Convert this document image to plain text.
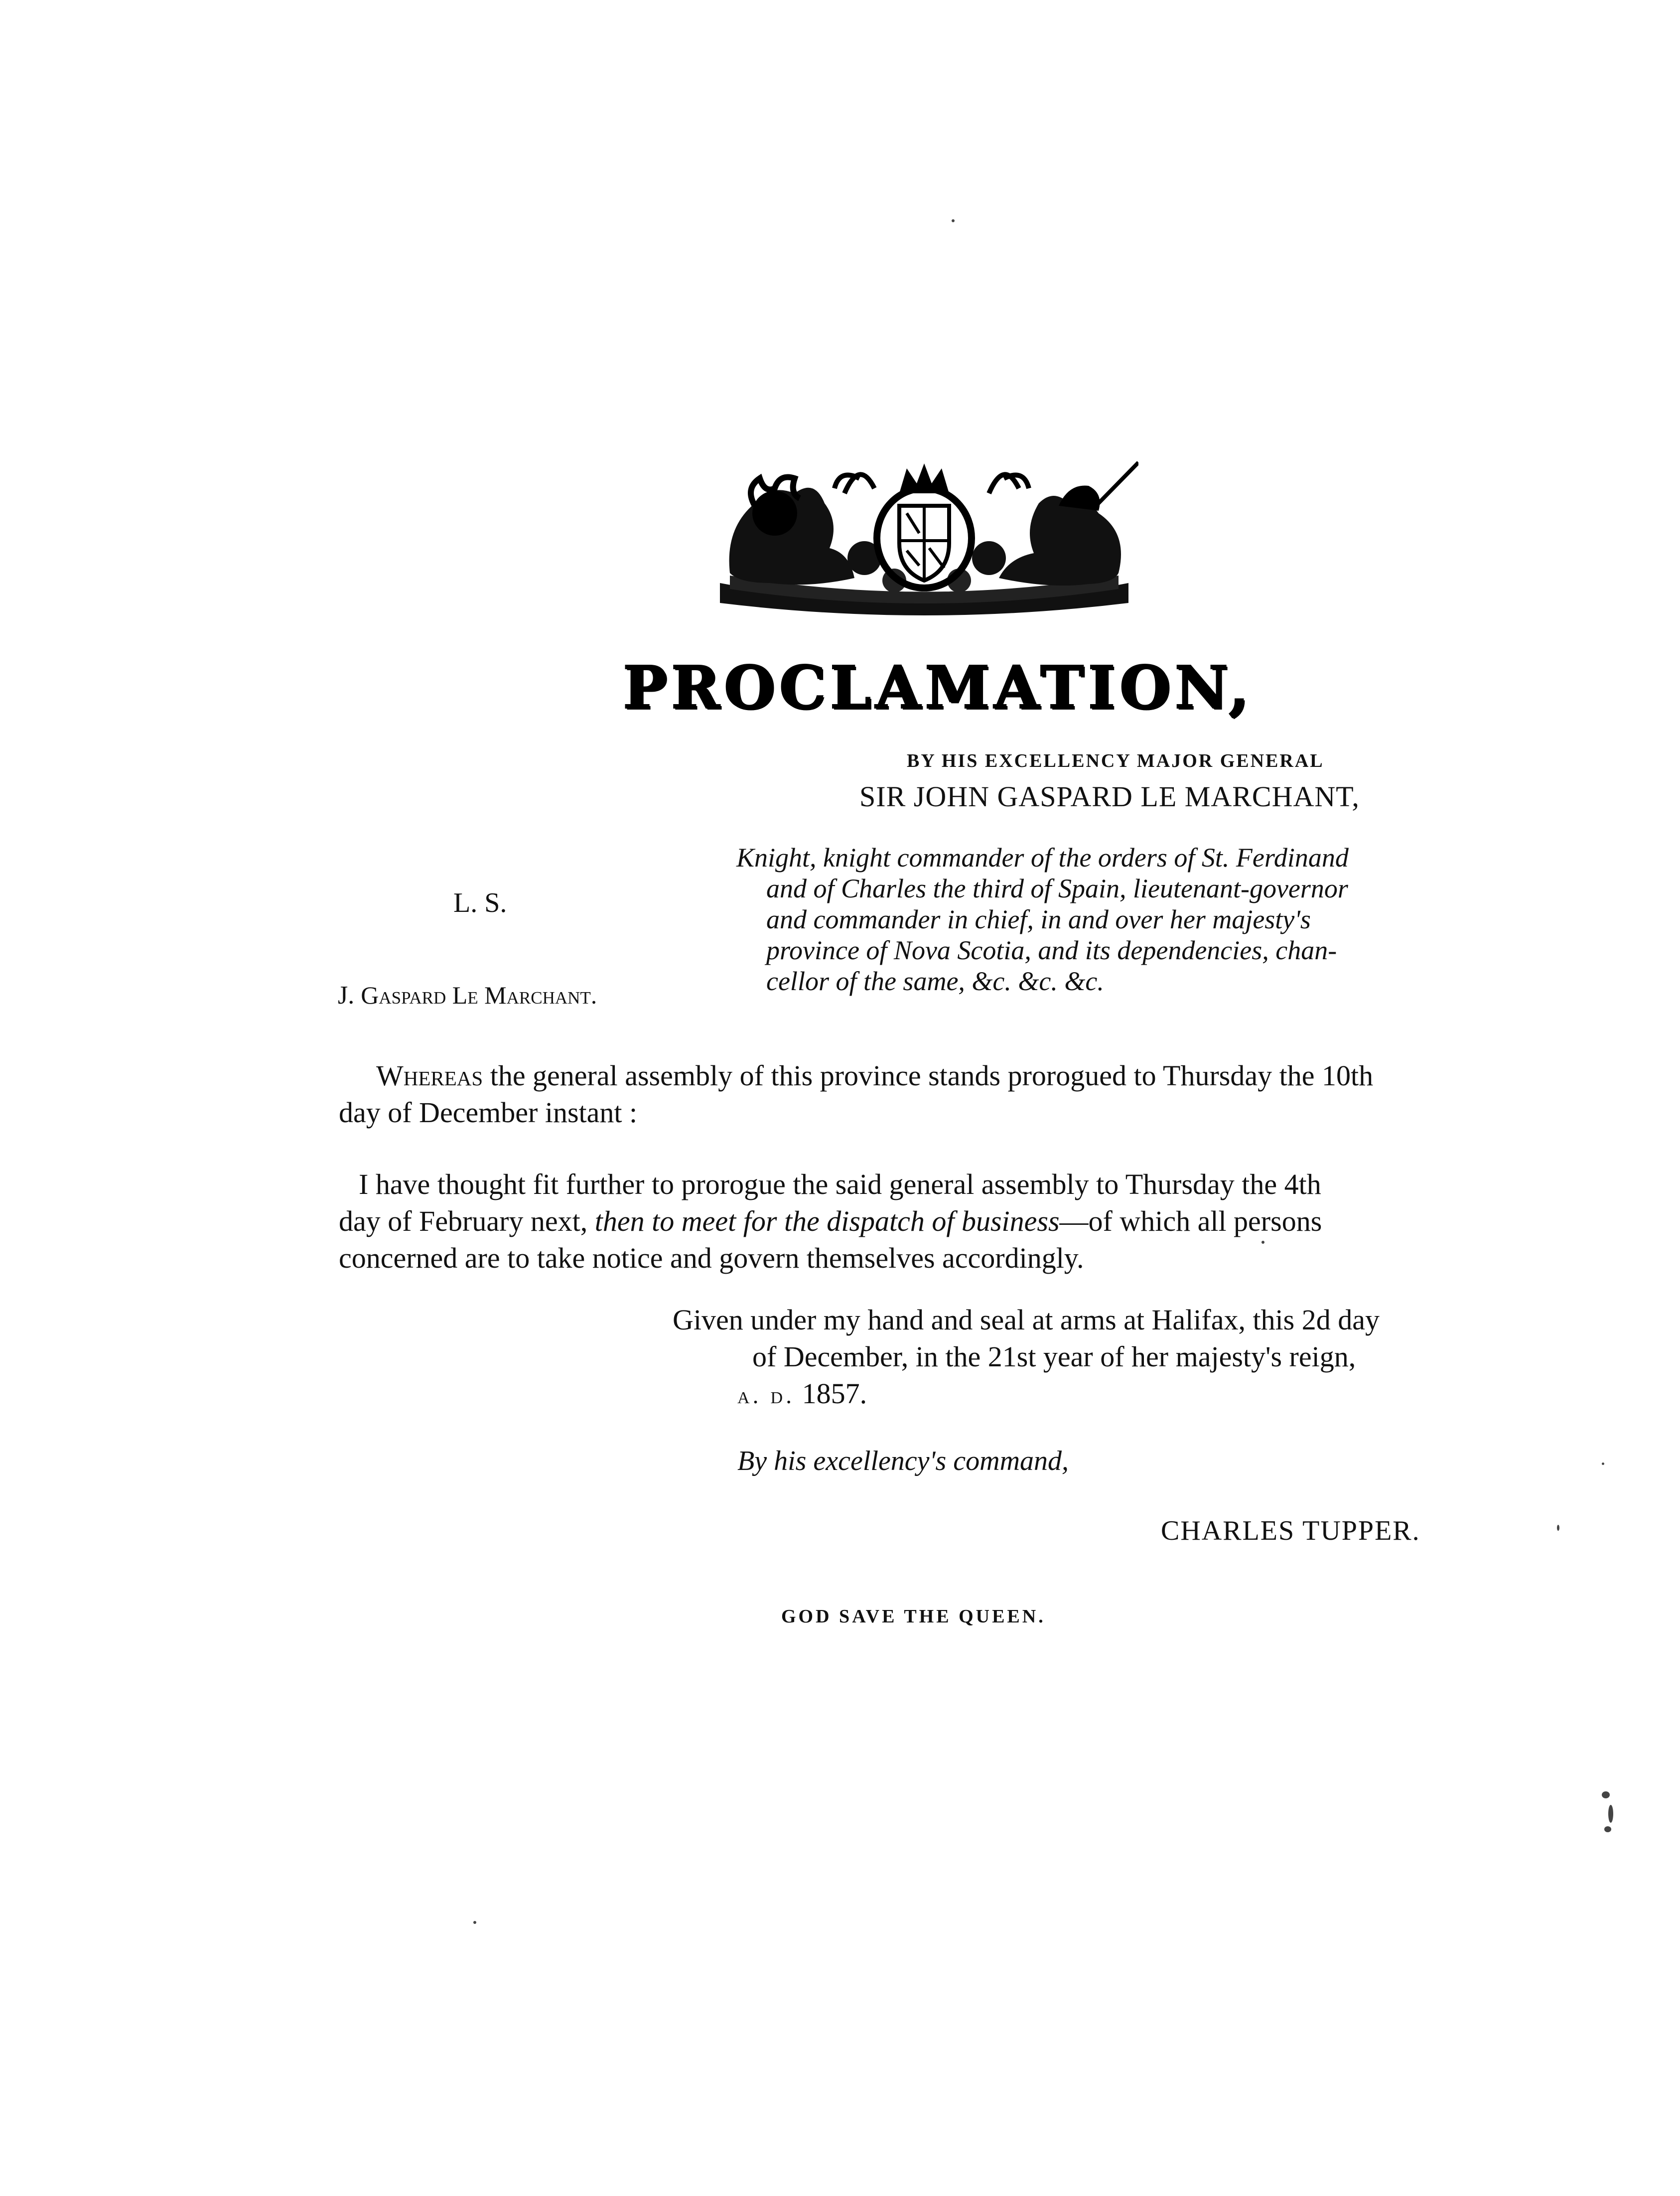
PROCLAMATION,
BY HIS EXCELLENCY MAJOR GENERAL
SIR JOHN GASPARD LE MARCHANT,
Knight, knight commander of the orders of St. Ferdinand
and of Charles the third of Spain, lieutenant-governor
and commander in chief, in and over her majesty's
province of Nova Scotia, and its dependencies, chan-
cellor of the same, &c. &c. &c.
L. S.
J. Gaspard Le Marchant.
Whereas the general assembly of this province stands prorogued to Thursday the 10th
day of December instant :
I have thought fit further to prorogue the said general assembly to Thursday the 4th
day of February next, then to meet for the dispatch of business—of which all persons
concerned are to take notice and govern themselves accordingly.
Given under my hand and seal at arms at Halifax, this 2d day
of December, in the 21st year of her majesty's reign,
a. d. 1857.
By his excellency's command,
CHARLES TUPPER.
GOD SAVE THE QUEEN.
